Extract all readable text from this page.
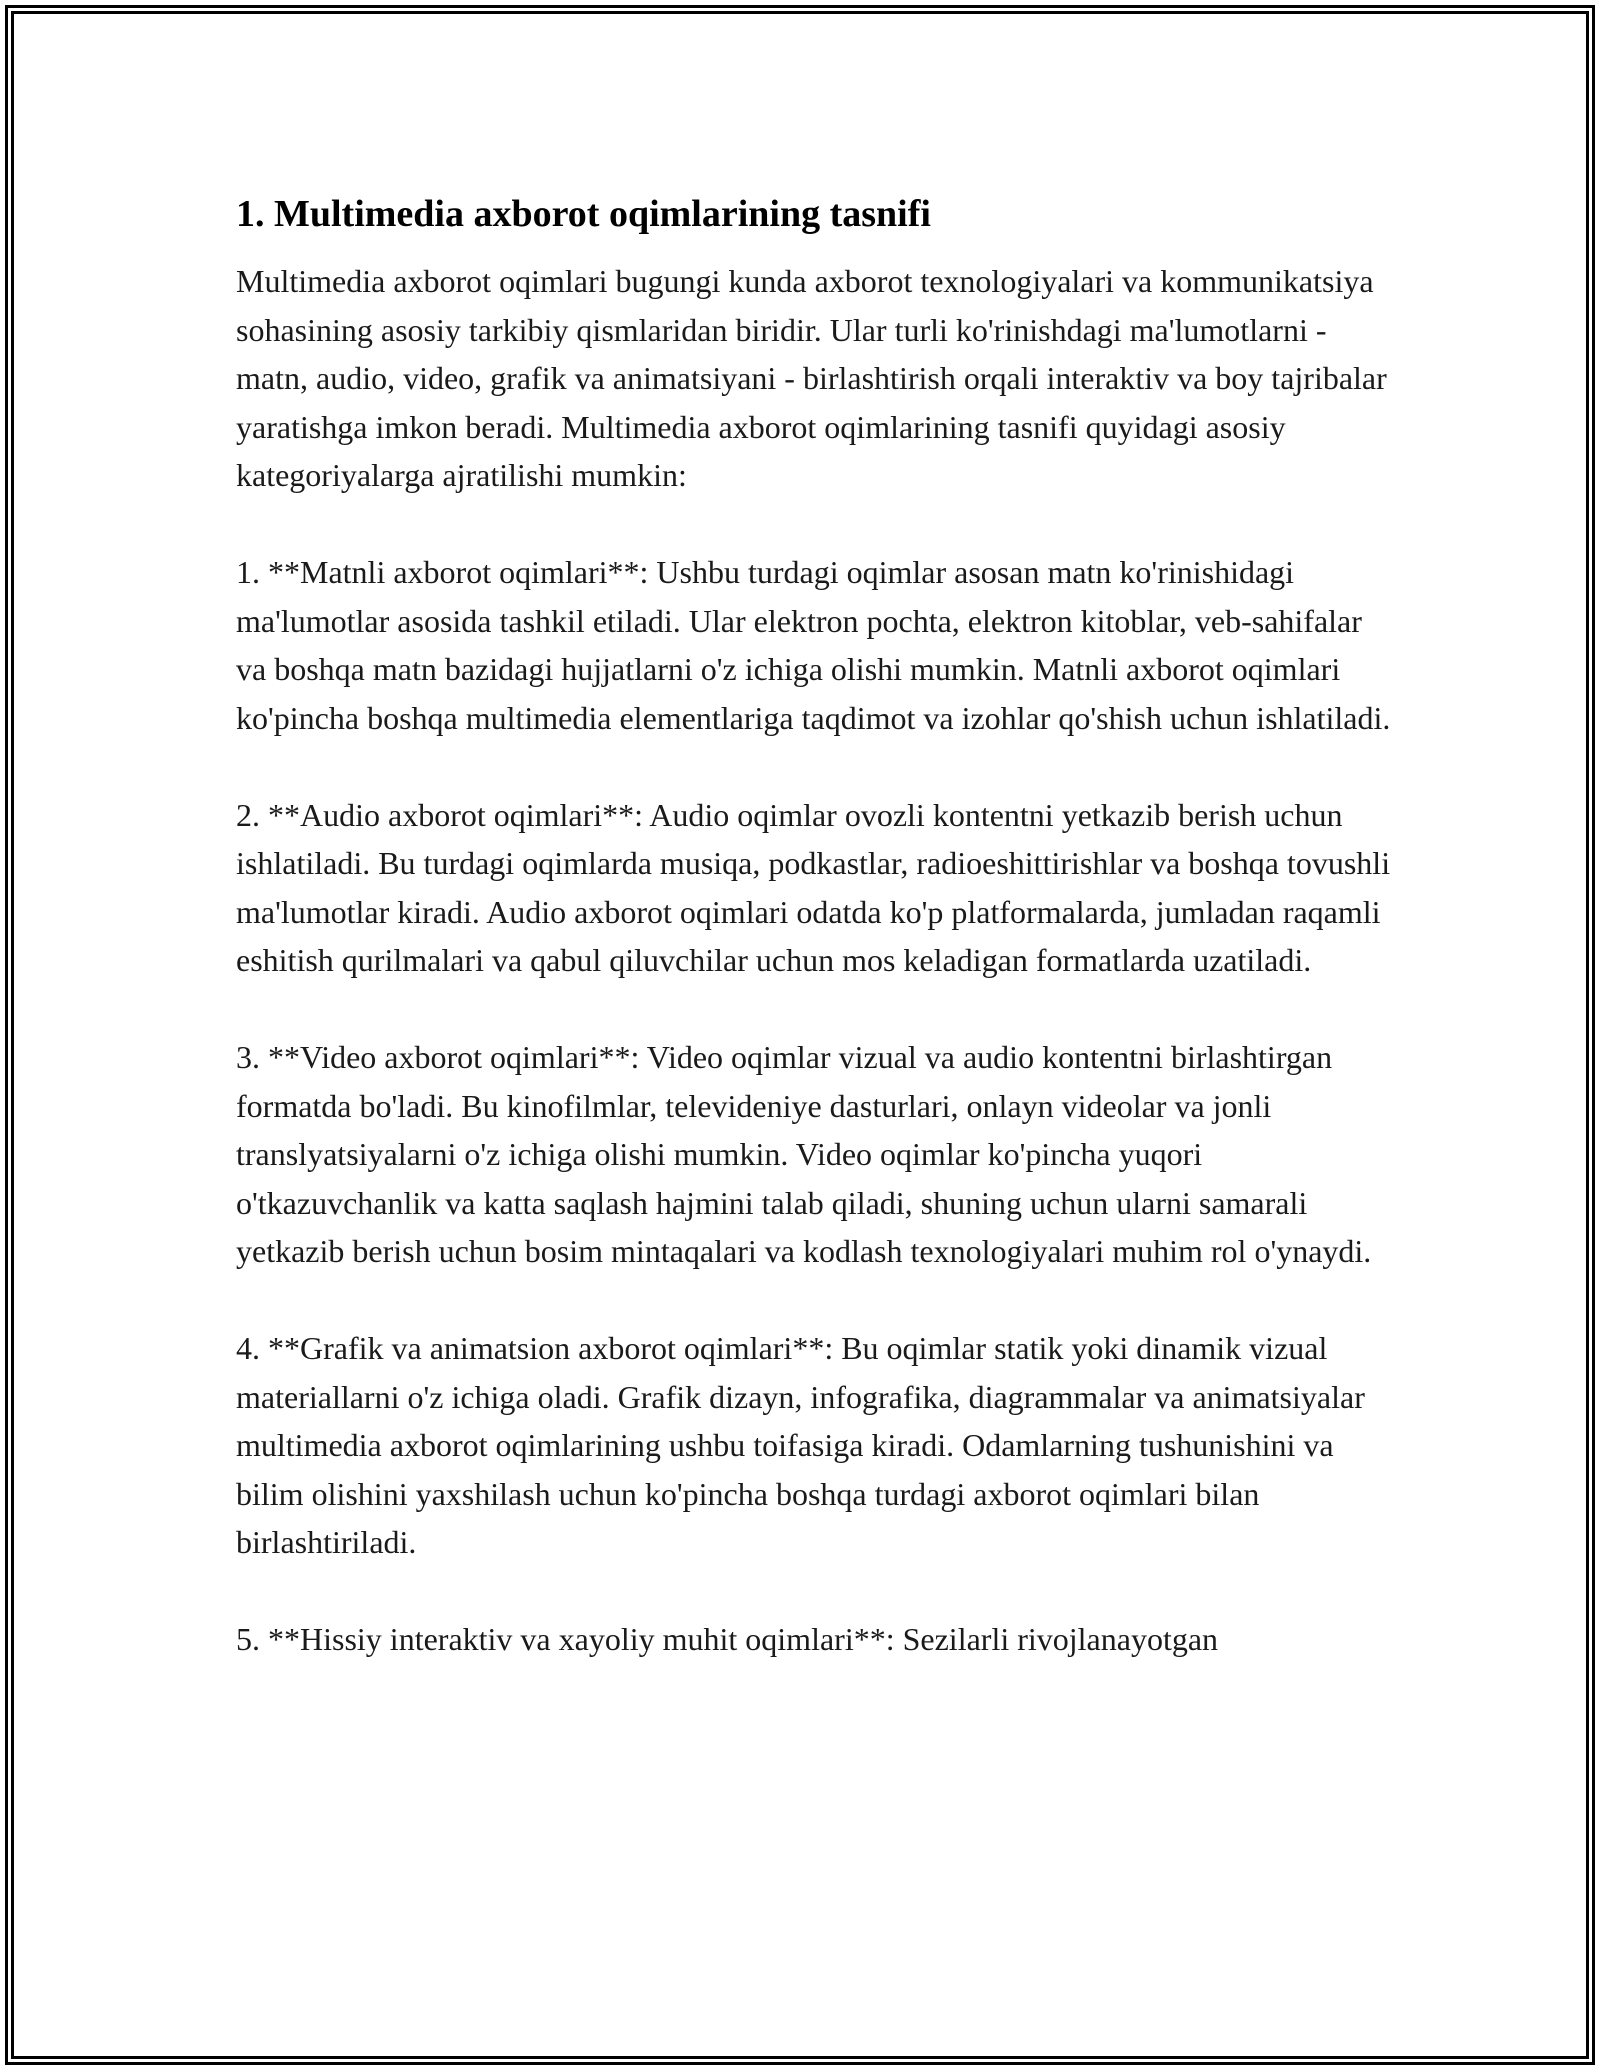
1. Multimedia axborot oqimlarining tasnifi

Multimedia axborot oqimlari bugungi kunda axborot texnologiyalari va kommunikatsiya sohasining asosiy tarkibiy qismlaridan biridir. Ular turli ko'rinishdagi ma'lumotlarni - matn, audio, video, grafik va animatsiyani - birlashtirish orqali interaktiv va boy tajribalar yaratishga imkon beradi. Multimedia axborot oqimlarining tasnifi quyidagi asosiy kategoriyalarga ajratilishi mumkin:

1. **Matnli axborot oqimlari**: Ushbu turdagi oqimlar asosan matn ko'rinishidagi ma'lumotlar asosida tashkil etiladi. Ular elektron pochta, elektron kitoblar, veb-sahifalar va boshqa matn bazidagi hujjatlarni o'z ichiga olishi mumkin. Matnli axborot oqimlari ko'pincha boshqa multimedia elementlariga taqdimot va izohlar qo'shish uchun ishlatiladi.

2. **Audio axborot oqimlari**: Audio oqimlar ovozli kontentni yetkazib berish uchun ishlatiladi. Bu turdagi oqimlarda musiqa, podkastlar, radioeshittirishlar va boshqa tovushli ma'lumotlar kiradi. Audio axborot oqimlari odatda ko'p platformalarda, jumladan raqamli eshitish qurilmalari va qabul qiluvchilar uchun mos keladigan formatlarda uzatiladi.

3. **Video axborot oqimlari**: Video oqimlar vizual va audio kontentni birlashtirgan formatda bo'ladi. Bu kinofilmlar, televideniye dasturlari, onlayn videolar va jonli translyatsiyalarni o'z ichiga olishi mumkin. Video oqimlar ko'pincha yuqori o'tkazuvchanlik va katta saqlash hajmini talab qiladi, shuning uchun ularni samarali yetkazib berish uchun bosim mintaqalari va kodlash texnologiyalari muhim rol o'ynaydi.

4. **Grafik va animatsion axborot oqimlari**: Bu oqimlar statik yoki dinamik vizual materiallarni o'z ichiga oladi. Grafik dizayn, infografika, diagrammalar va animatsiyalar multimedia axborot oqimlarining ushbu toifasiga kiradi. Odamlarning tushunishini va bilim olishini yaxshilash uchun ko'pincha boshqa turdagi axborot oqimlari bilan birlashtiriladi.

5. **Hissiy interaktiv va xayoliy muhit oqimlari**: Sezilarli rivojlanayotgan
